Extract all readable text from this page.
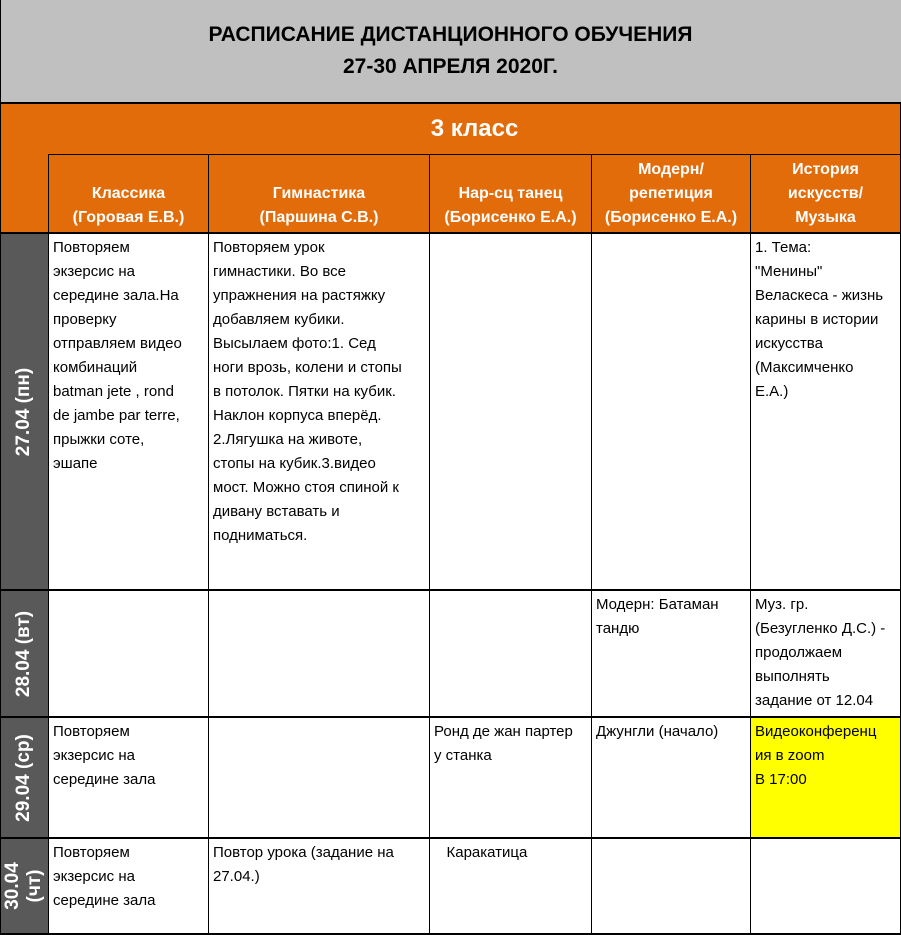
РАСПИСАНИЕ ДИСТАНЦИОННОГО ОБУЧЕНИЯ
27-30 АПРЕЛЯ 2020Г.
3 класс
Классика
(Горовая Е.В.)
Гимнастика
(Паршина С.В.)
Нар-сц танец
(Борисенко Е.А.)
Модерн/
репетиция
(Борисенко Е.А.)
История
искусств/
Музыка
27.04 (пн)
Повторяем
экзерсис на
середине зала.На
проверку
отправляем видео
комбинаций
batman jete , rond
de jambe par terre,
прыжки соте,
эшапе
Повторяем урок
гимнастики. Во все
упражнения на растяжку
добавляем кубики.
Высылаем фото:1. Сед
ноги врозь, колени и стопы
в потолок. Пятки на кубик.
Наклон корпуса вперёд.
2.Лягушка на животе,
стопы на кубик.3.видео
мост. Можно стоя спиной к
дивану вставать и
подниматься.
1. Тема:
"Менины"
Веласкеса - жизнь
карины в истории
искусства
(Максимченко
Е.А.)
28.04 (вт)
Модерн: Батаман
тандю
Муз. гр.
(Безугленко Д.С.) -
продолжаем
выполнять
задание от 12.04
29.04 (ср)
Повторяем
экзерсис на
середине зала
Ронд де жан партер
у станка
Джунгли (начало)	Видеоконференц
ия в zoom
В 17:00
30.04 (чт)
Повторяем
экзерсис на
середине зала
Повтор урока (задание на
27.04.)
Каракатица
